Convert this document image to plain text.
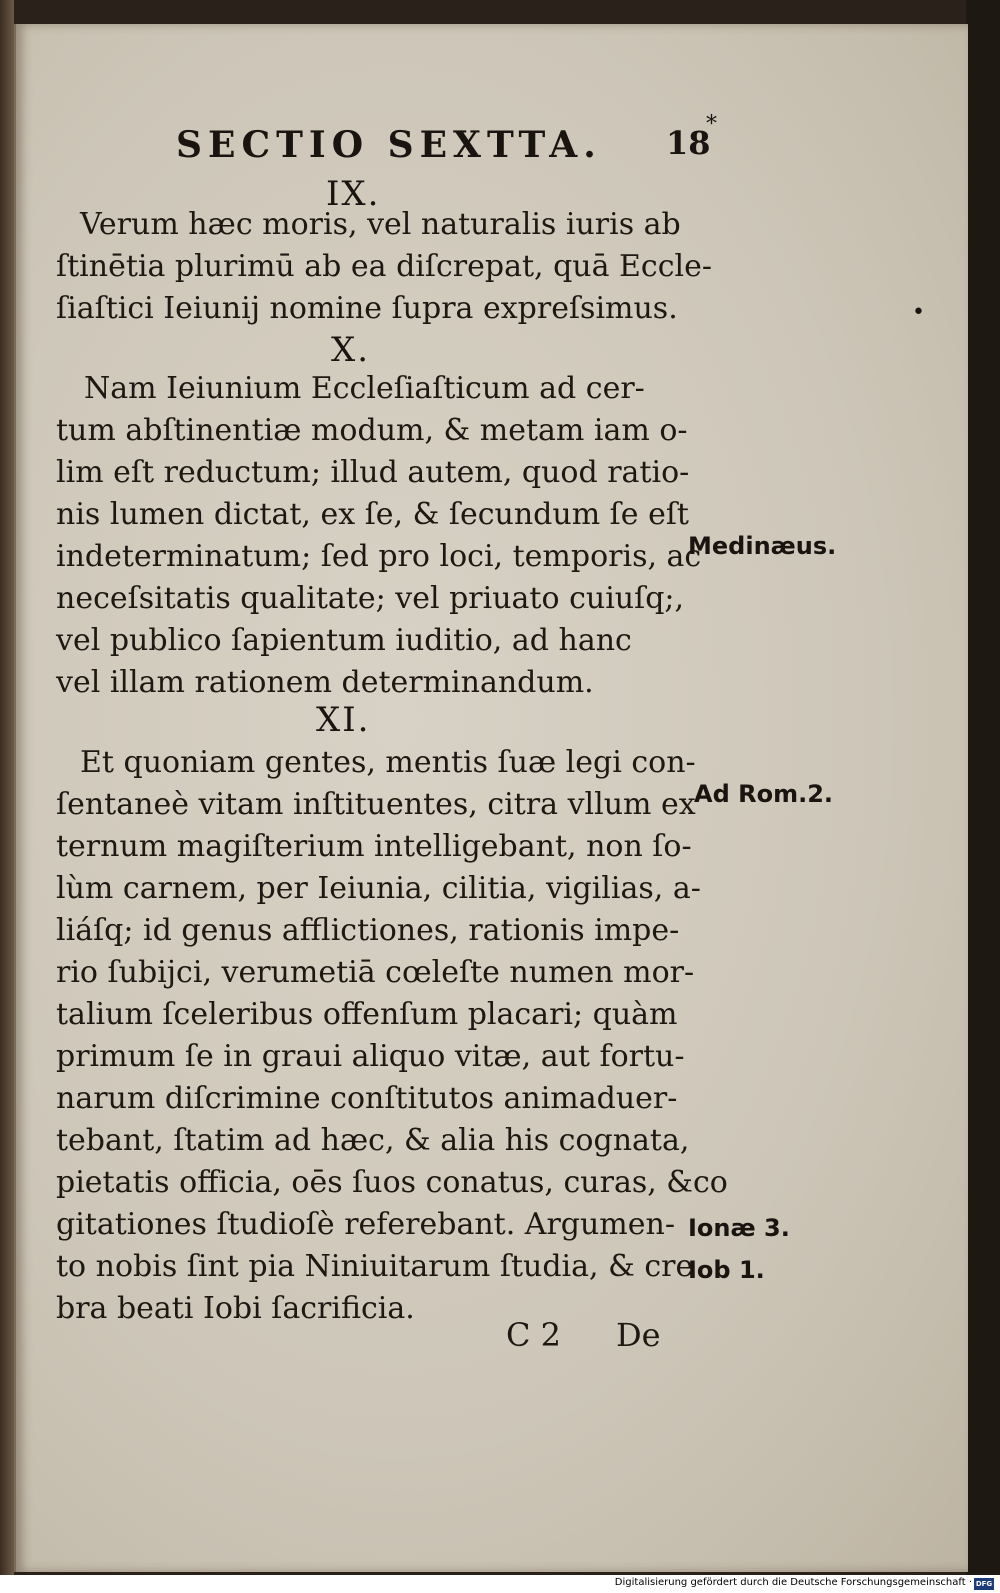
SECTIO SEXTTA. 18
*
IX.
Verum hæc moris, vel naturalis iuris ab
ſtinētia plurimū ab ea diſcrepat, quā Eccle-
ſiaſtici Ieiunij nomine ſupra expreſsimus.
X.
Nam Ieiunium Eccleſiaſticum ad cer-
tum abſtinentiæ modum, & metam iam o-
lim eſt reductum; illud autem, quod ratio-
nis lumen dictat, ex ſe, & ſecundum ſe eſt
indeterminatum; ſed pro loci, temporis, ac
neceſsitatis qualitate; vel priuato cuiuſq;,
vel publico ſapientum iuditio, ad hanc
vel illam rationem determinandum.
XI.
Et quoniam gentes, mentis ſuæ legi con-
ſentaneè vitam inſtituentes, citra vllum ex
ternum magiſterium intelligebant, non ſo-
lùm carnem, per Ieiunia, cilitia, vigilias, a-
liáſq; id genus afflictiones, rationis impe-
rio ſubijci, verumetiā cœleſte numen mor-
talium ſceleribus offenſum placari; quàm
primum ſe in graui aliquo vitæ, aut fortu-
narum diſcrimine conſtitutos animaduer-
tebant, ſtatim ad hæc, & alia his cognata,
pietatis officia, oēs ſuos conatus, curas, &co
gitationes ſtudioſè referebant. Argumen-
to nobis ſint pia Niniuitarum ſtudia, & cre
bra beati Iobi ſacrificia.
Medinæus.
Ad Rom.2.
Ionæ 3.
Iob 1.
C 2 De
•
Digitalisierung gefördert durch die Deutsche Forschungsgemeinschaft · DFG
